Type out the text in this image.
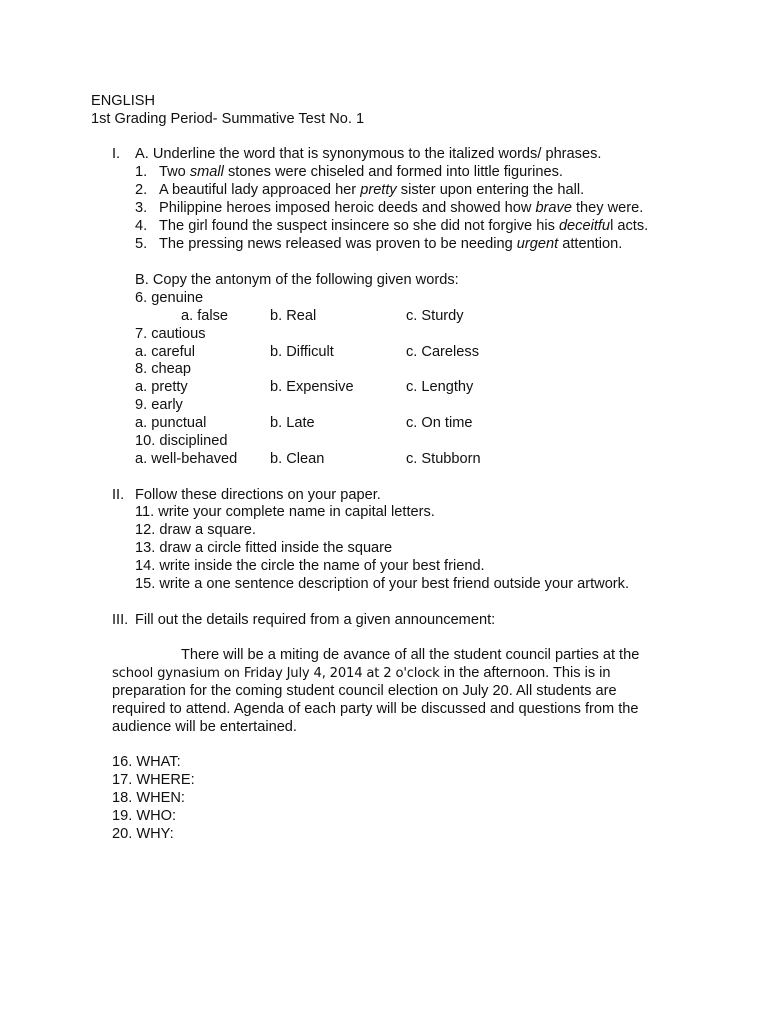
ENGLISH
1st Grading Period- Summative Test No. 1
I. A. Underline the word that is synonymous to the italized words/ phrases.
1. Two small stones were chiseled and formed into little figurines.
2. A beautiful lady approaced her pretty sister upon entering the hall.
3. Philippine heroes imposed heroic deeds and showed how brave they were.
4. The girl found the suspect insincere so she did not forgive his deceitful acts.
5. The pressing news released was proven to be needing urgent attention.
B. Copy the antonym of the following given words:
6. genuine
a. false	b. Real	c. Sturdy
7. cautious
a. careful	b. Difficult	c. Careless
8. cheap
a. pretty	b. Expensive	c. Lengthy
9. early
a. punctual	b. Late	c. On time
10. disciplined
a. well-behaved b. Clean	c. Stubborn
II. Follow these directions on your paper.
11. write your complete name in capital letters.
12. draw a square.
13. draw a circle fitted inside the square
14. write inside the circle the name of your best friend.
15. write a one sentence description of your best friend outside your artwork.
III. Fill out the details required from a given announcement:
There will be a miting de avance of all the student council parties at the
school gynasium on Friday July 4, 2014 at 2 o'clock in the afternoon. This is in
preparation for the coming student council election on July 20. All students are
required to attend. Agenda of each party will be discussed and questions from the
audience will be entertained.
16. WHAT:
17. WHERE:
18. WHEN:
19. WHO:
20. WHY:
